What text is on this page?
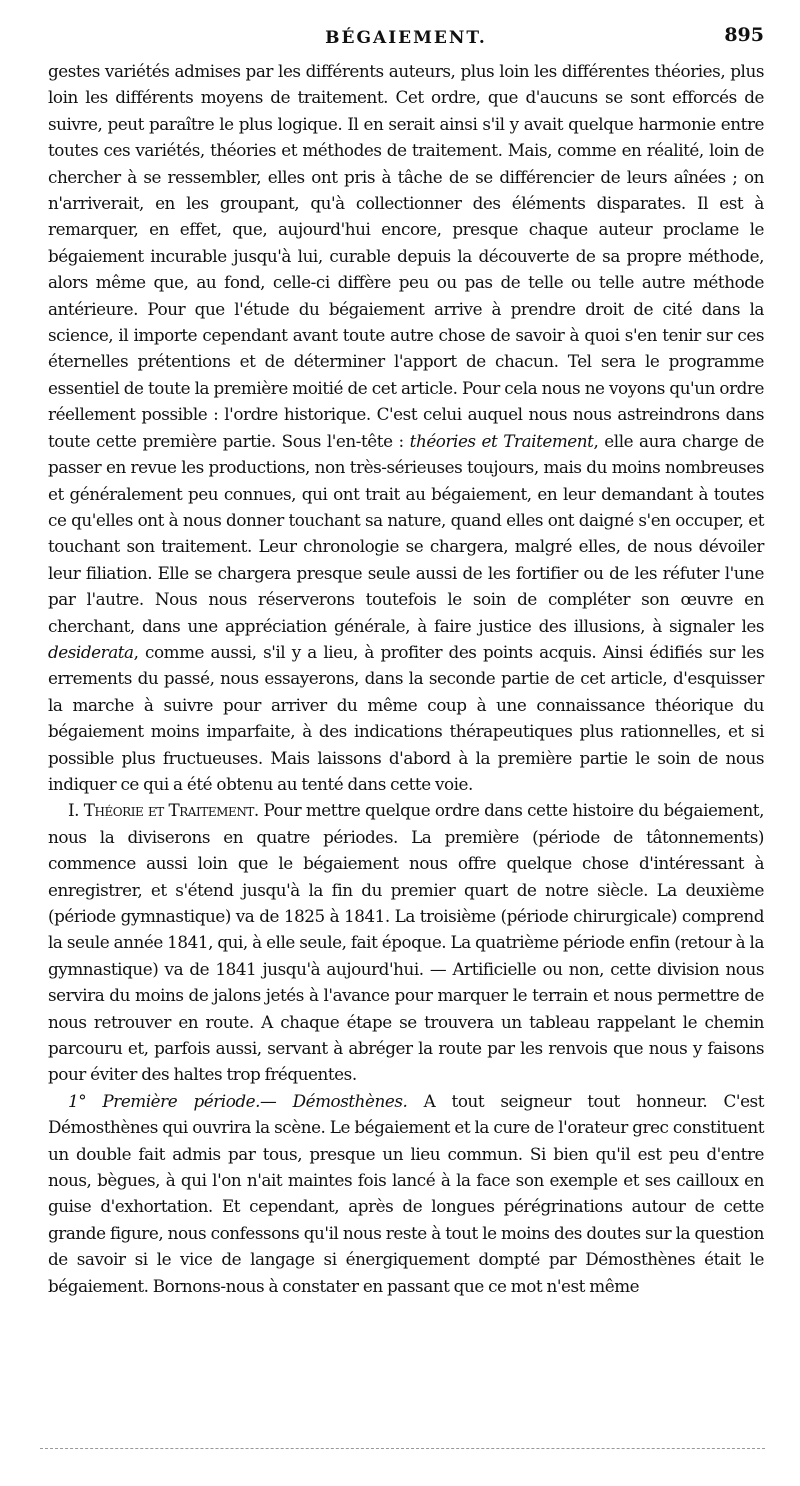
BÉGAIEMENT.	895

gestes variétés admises par les différents auteurs, plus loin les différentes théories, plus loin les différents moyens de traitement. Cet ordre, que d'aucuns se sont efforcés de suivre, peut paraître le plus logique. Il en serait ainsi s'il y avait quelque harmonie entre toutes ces variétés, théories et méthodes de traitement. Mais, comme en réalité, loin de chercher à se ressembler, elles ont pris à tâche de se différencier de leurs aînées ; on n'arriverait, en les groupant, qu'à collectionner des éléments disparates. Il est à remarquer, en effet, que, aujourd'hui encore, presque chaque auteur proclame le bégaiement incurable jusqu'à lui, curable depuis la découverte de sa propre méthode, alors même que, au fond, celle-ci diffère peu ou pas de telle ou telle autre méthode antérieure. Pour que l'étude du bégaiement arrive à prendre droit de cité dans la science, il importe cependant avant toute autre chose de savoir à quoi s'en tenir sur ces éternelles prétentions et de déterminer l'apport de chacun. Tel sera le programme essentiel de toute la première moitié de cet article. Pour cela nous ne voyons qu'un ordre réellement possible : l'ordre historique. C'est celui auquel nous nous astreindrons dans toute cette première partie. Sous l'en-tête : théories et Traitement, elle aura charge de passer en revue les productions, non très-sérieuses toujours, mais du moins nombreuses et généralement peu connues, qui ont trait au bégaiement, en leur demandant à toutes ce qu'elles ont à nous donner touchant sa nature, quand elles ont daigné s'en occuper, et touchant son traitement. Leur chronologie se chargera, malgré elles, de nous dévoiler leur filiation. Elle se chargera presque seule aussi de les fortifier ou de les réfuter l'une par l'autre. Nous nous réserverons toutefois le soin de compléter son œuvre en cherchant, dans une appréciation générale, à faire justice des illusions, à signaler les desiderata, comme aussi, s'il y a lieu, à profiter des points acquis. Ainsi édifiés sur les errements du passé, nous essayerons, dans la seconde partie de cet article, d'esquisser la marche à suivre pour arriver du même coup à une connaissance théorique du bégaiement moins imparfaite, à des indications thérapeutiques plus rationnelles, et si possible plus fructueuses. Mais laissons d'abord à la première partie le soin de nous indiquer ce qui a été obtenu au tenté dans cette voie.

I. Théorie et Traitement. Pour mettre quelque ordre dans cette histoire du bégaiement, nous la diviserons en quatre périodes. La première (période de tâtonnements) commence aussi loin que le bégaiement nous offre quelque chose d'intéressant à enregistrer, et s'étend jusqu'à la fin du premier quart de notre siècle. La deuxième (période gymnastique) va de 1825 à 1841. La troisième (période chirurgicale) comprend la seule année 1841, qui, à elle seule, fait époque. La quatrième période enfin (retour à la gymnastique) va de 1841 jusqu'à aujourd'hui. — Artificielle ou non, cette division nous servira du moins de jalons jetés à l'avance pour marquer le terrain et nous permettre de nous retrouver en route. A chaque étape se trouvera un tableau rappelant le chemin parcouru et, parfois aussi, servant à abréger la route par les renvois que nous y faisons pour éviter des haltes trop fréquentes.

1° Première période.— Démosthènes. A tout seigneur tout honneur. C'est Démosthènes qui ouvrira la scène. Le bégaiement et la cure de l'orateur grec constituent un double fait admis par tous, presque un lieu commun. Si bien qu'il est peu d'entre nous, bègues, à qui l'on n'ait maintes fois lancé à la face son exemple et ses cailloux en guise d'exhortation. Et cependant, après de longues pérégrinations autour de cette grande figure, nous confessons qu'il nous reste à tout le moins des doutes sur la question de savoir si le vice de langage si énergiquement dompté par Démosthènes était le bégaiement. Bornons-nous à constater en passant que ce mot n'est même
